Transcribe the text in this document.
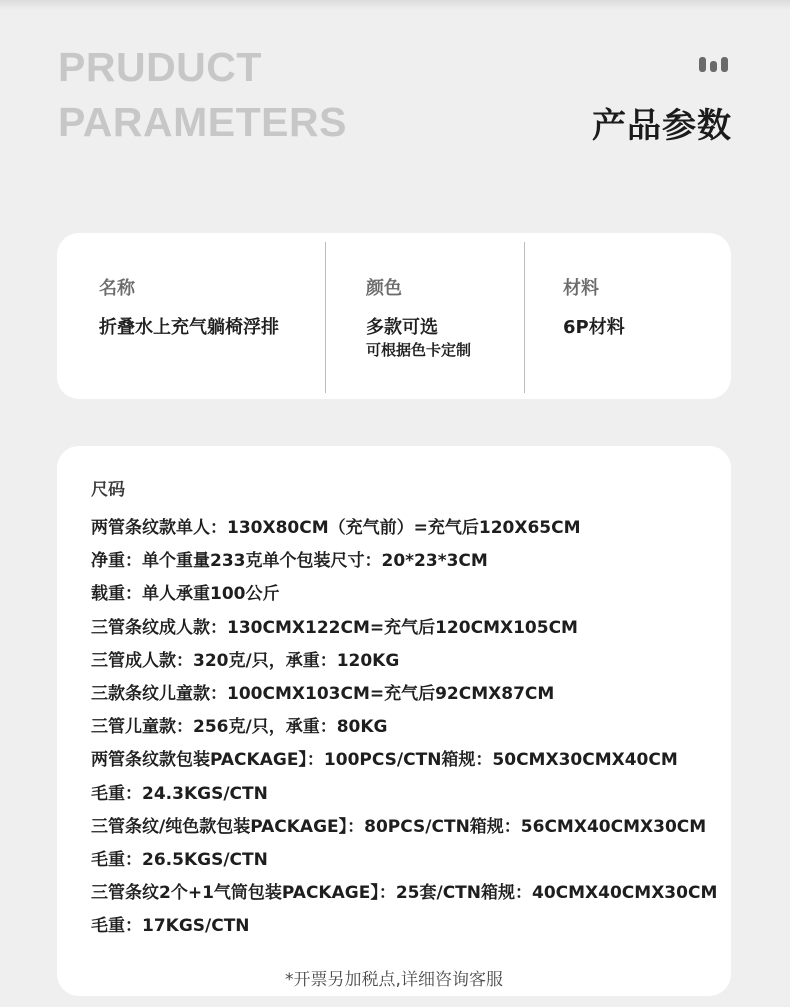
PRUDUCT
PARAMETERS	产品参数
名称
折叠水上充气躺椅浮排
颜色
多款可选
可根据色卡定制
材料
6P材料
尺码
两管条纹款单人：130X80CM（充气前）=充气后120X65CM
净重：单个重量233克单个包装尺寸：20*23*3CM
载重：单人承重100公斤
三管条纹成人款：130CMX122CM=充气后120CMX105CM
三管成人款：320克/只，承重：120KG
三款条纹儿童款：100CMX103CM=充气后92CMX87CM
三管儿童款：256克/只，承重：80KG
两管条纹款包装PACKAGE】：100PCS/CTN箱规：50CMX30CMX40CM
毛重：24.3KGS/CTN
三管条纹/纯色款包装PACKAGE】：80PCS/CTN箱规：56CMX40CMX30CM
毛重：26.5KGS/CTN
三管条纹2个+1气筒包装PACKAGE】：25套/CTN箱规：40CMX40CMX30CM
毛重：17KGS/CTN
*开票另加税点,详细咨询客服
